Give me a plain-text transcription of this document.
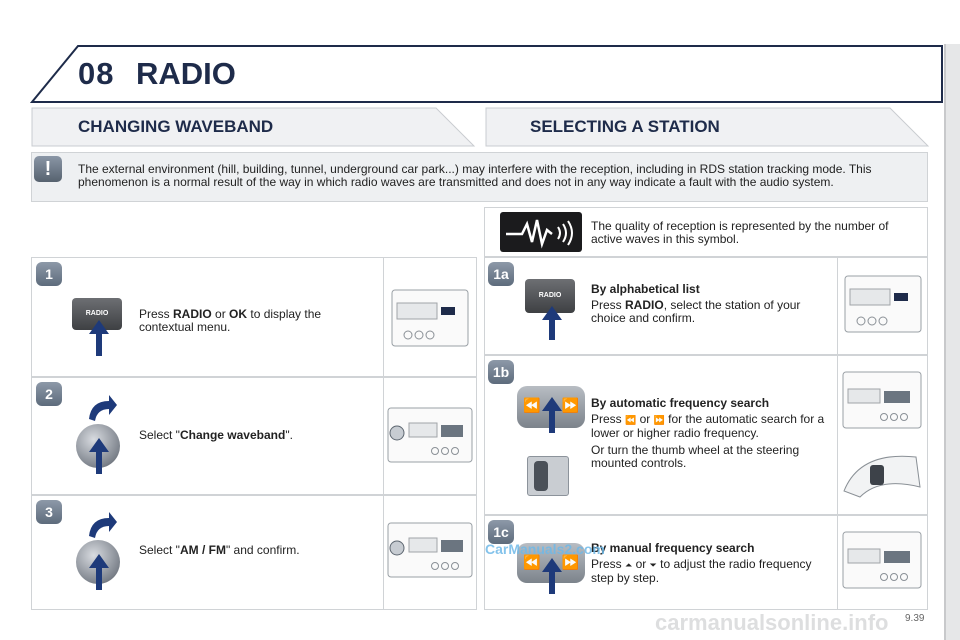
08 RADIO
CHANGING WAVEBAND	SELECTING A STATION
!	The external environment (hill, building, tunnel, underground car park...) may interfere with the reception, including in RDS station tracking mode. This phenomenon is a normal result of the way in which radio waves are transmitted and does not in any way indicate a fault with the audio system.
The quality of reception is represented by the number of active waves in this symbol.
1
RADIO	Press RADIO or OK to display the contextual menu.
2
Select "Change waveband".
3
Select "AM / FM" and confirm.
1a
RADIO	By alphabetical list

Press RADIO, select the station of your choice and confirm.
1b
⏪ ⏩ By automatic frequency search
Press ⏪ or ⏩ for the automatic search for a lower or higher radio frequency.
Or turn the thumb wheel at the steering mounted controls.
1c
⏪ ⏩
By manual frequency search
Press ⏶ or ⏷ to adjust the radio frequency step by step.
CarManuals2.com
9.39
carmanualsonline.info
